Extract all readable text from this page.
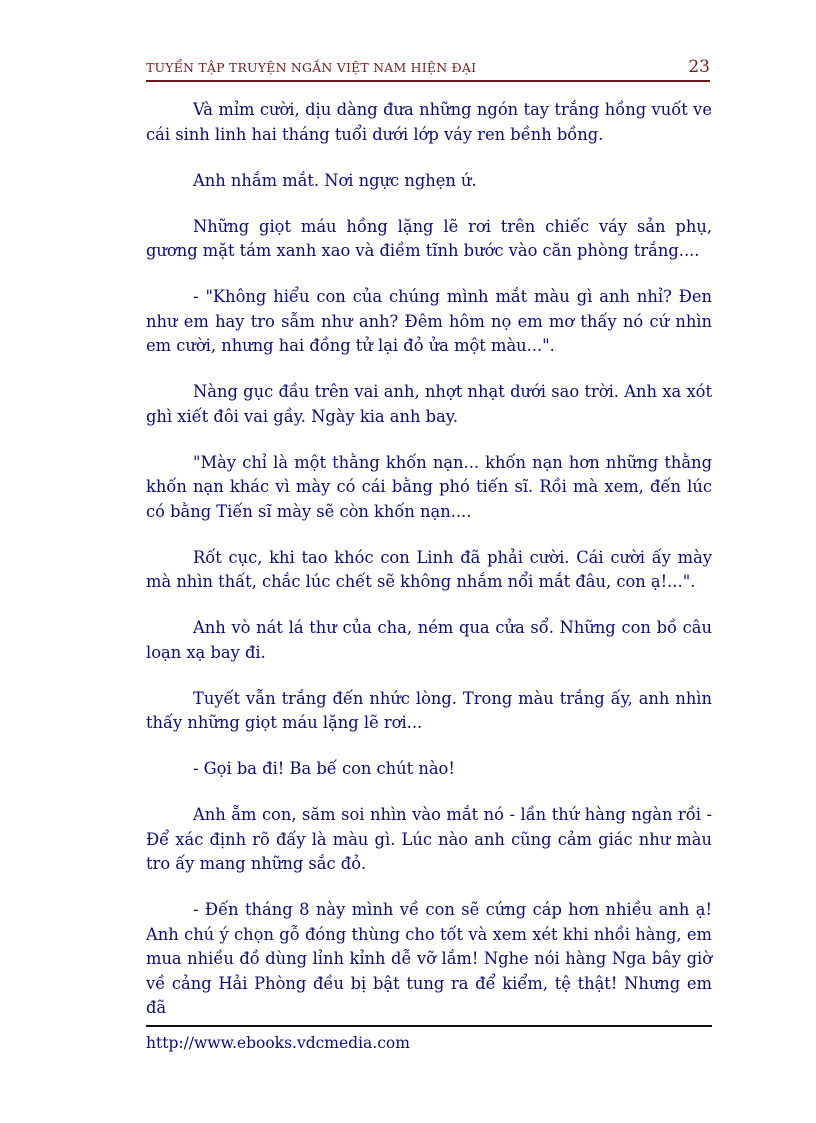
TUYỂN TẬP TRUYỆN NGẮN VIỆT NAM HIỆN ĐẠI	23

Và mỉm cười, dịu dàng đưa những ngón tay trắng hồng vuốt ve cái sinh linh hai tháng tuổi dưới lớp váy ren bềnh bồng.

Anh nhắm mắt. Nơi ngực nghẹn ứ.

Những giọt máu hồng lặng lẽ rơi trên chiếc váy sản phụ, gương mặt tám xanh xao và điềm tĩnh bước vào căn phòng trắng....

- "Không hiểu con của chúng mình mắt màu gì anh nhỉ? Đen như em hay tro sẫm như anh? Đêm hôm nọ em mơ thấy nó cứ nhìn em cười, nhưng hai đồng tử lại đỏ ửa một màu...".

Nàng gục đầu trên vai anh, nhợt nhạt dưới sao trời. Anh xa xót ghì xiết đôi vai gầy. Ngày kia anh bay.

"Mày chỉ là một thằng khốn nạn... khốn nạn hơn những thằng khốn nạn khác vì mày có cái bằng phó tiến sĩ. Rồi mà xem, đến lúc có bằng Tiến sĩ mày sẽ còn khốn nạn....

Rốt cục, khi tao khóc con Linh đã phải cười. Cái cười ấy mày mà nhìn thất, chắc lúc chết sẽ không nhắm nổi mắt đâu, con ạ!...".

Anh vò nát lá thư của cha, ném qua cửa sổ. Những con bồ câu loạn xạ bay đi.

Tuyết vẫn trắng đến nhức lòng. Trong màu trắng ấy, anh nhìn thấy những giọt máu lặng lẽ rơi...

- Gọi ba đi! Ba bế con chút nào!

Anh ẵm con, săm soi nhìn vào mắt nó - lần thứ hàng ngàn rồi - Để xác định rõ đấy là màu gì. Lúc nào anh cũng cảm giác như màu tro ấy mang những sắc đỏ.

- Đến tháng 8 này mình về con sẽ cứng cáp hơn nhiều anh ạ! Anh chú ý chọn gỗ đóng thùng cho tốt và xem xét khi nhồi hàng, em mua nhiều đồ dùng lỉnh kỉnh dễ vỡ lắm! Nghe nói hàng Nga bây giờ về cảng Hải Phòng đều bị bật tung ra để kiểm, tệ thật! Nhưng em đã

http://www.ebooks.vdcmedia.com
